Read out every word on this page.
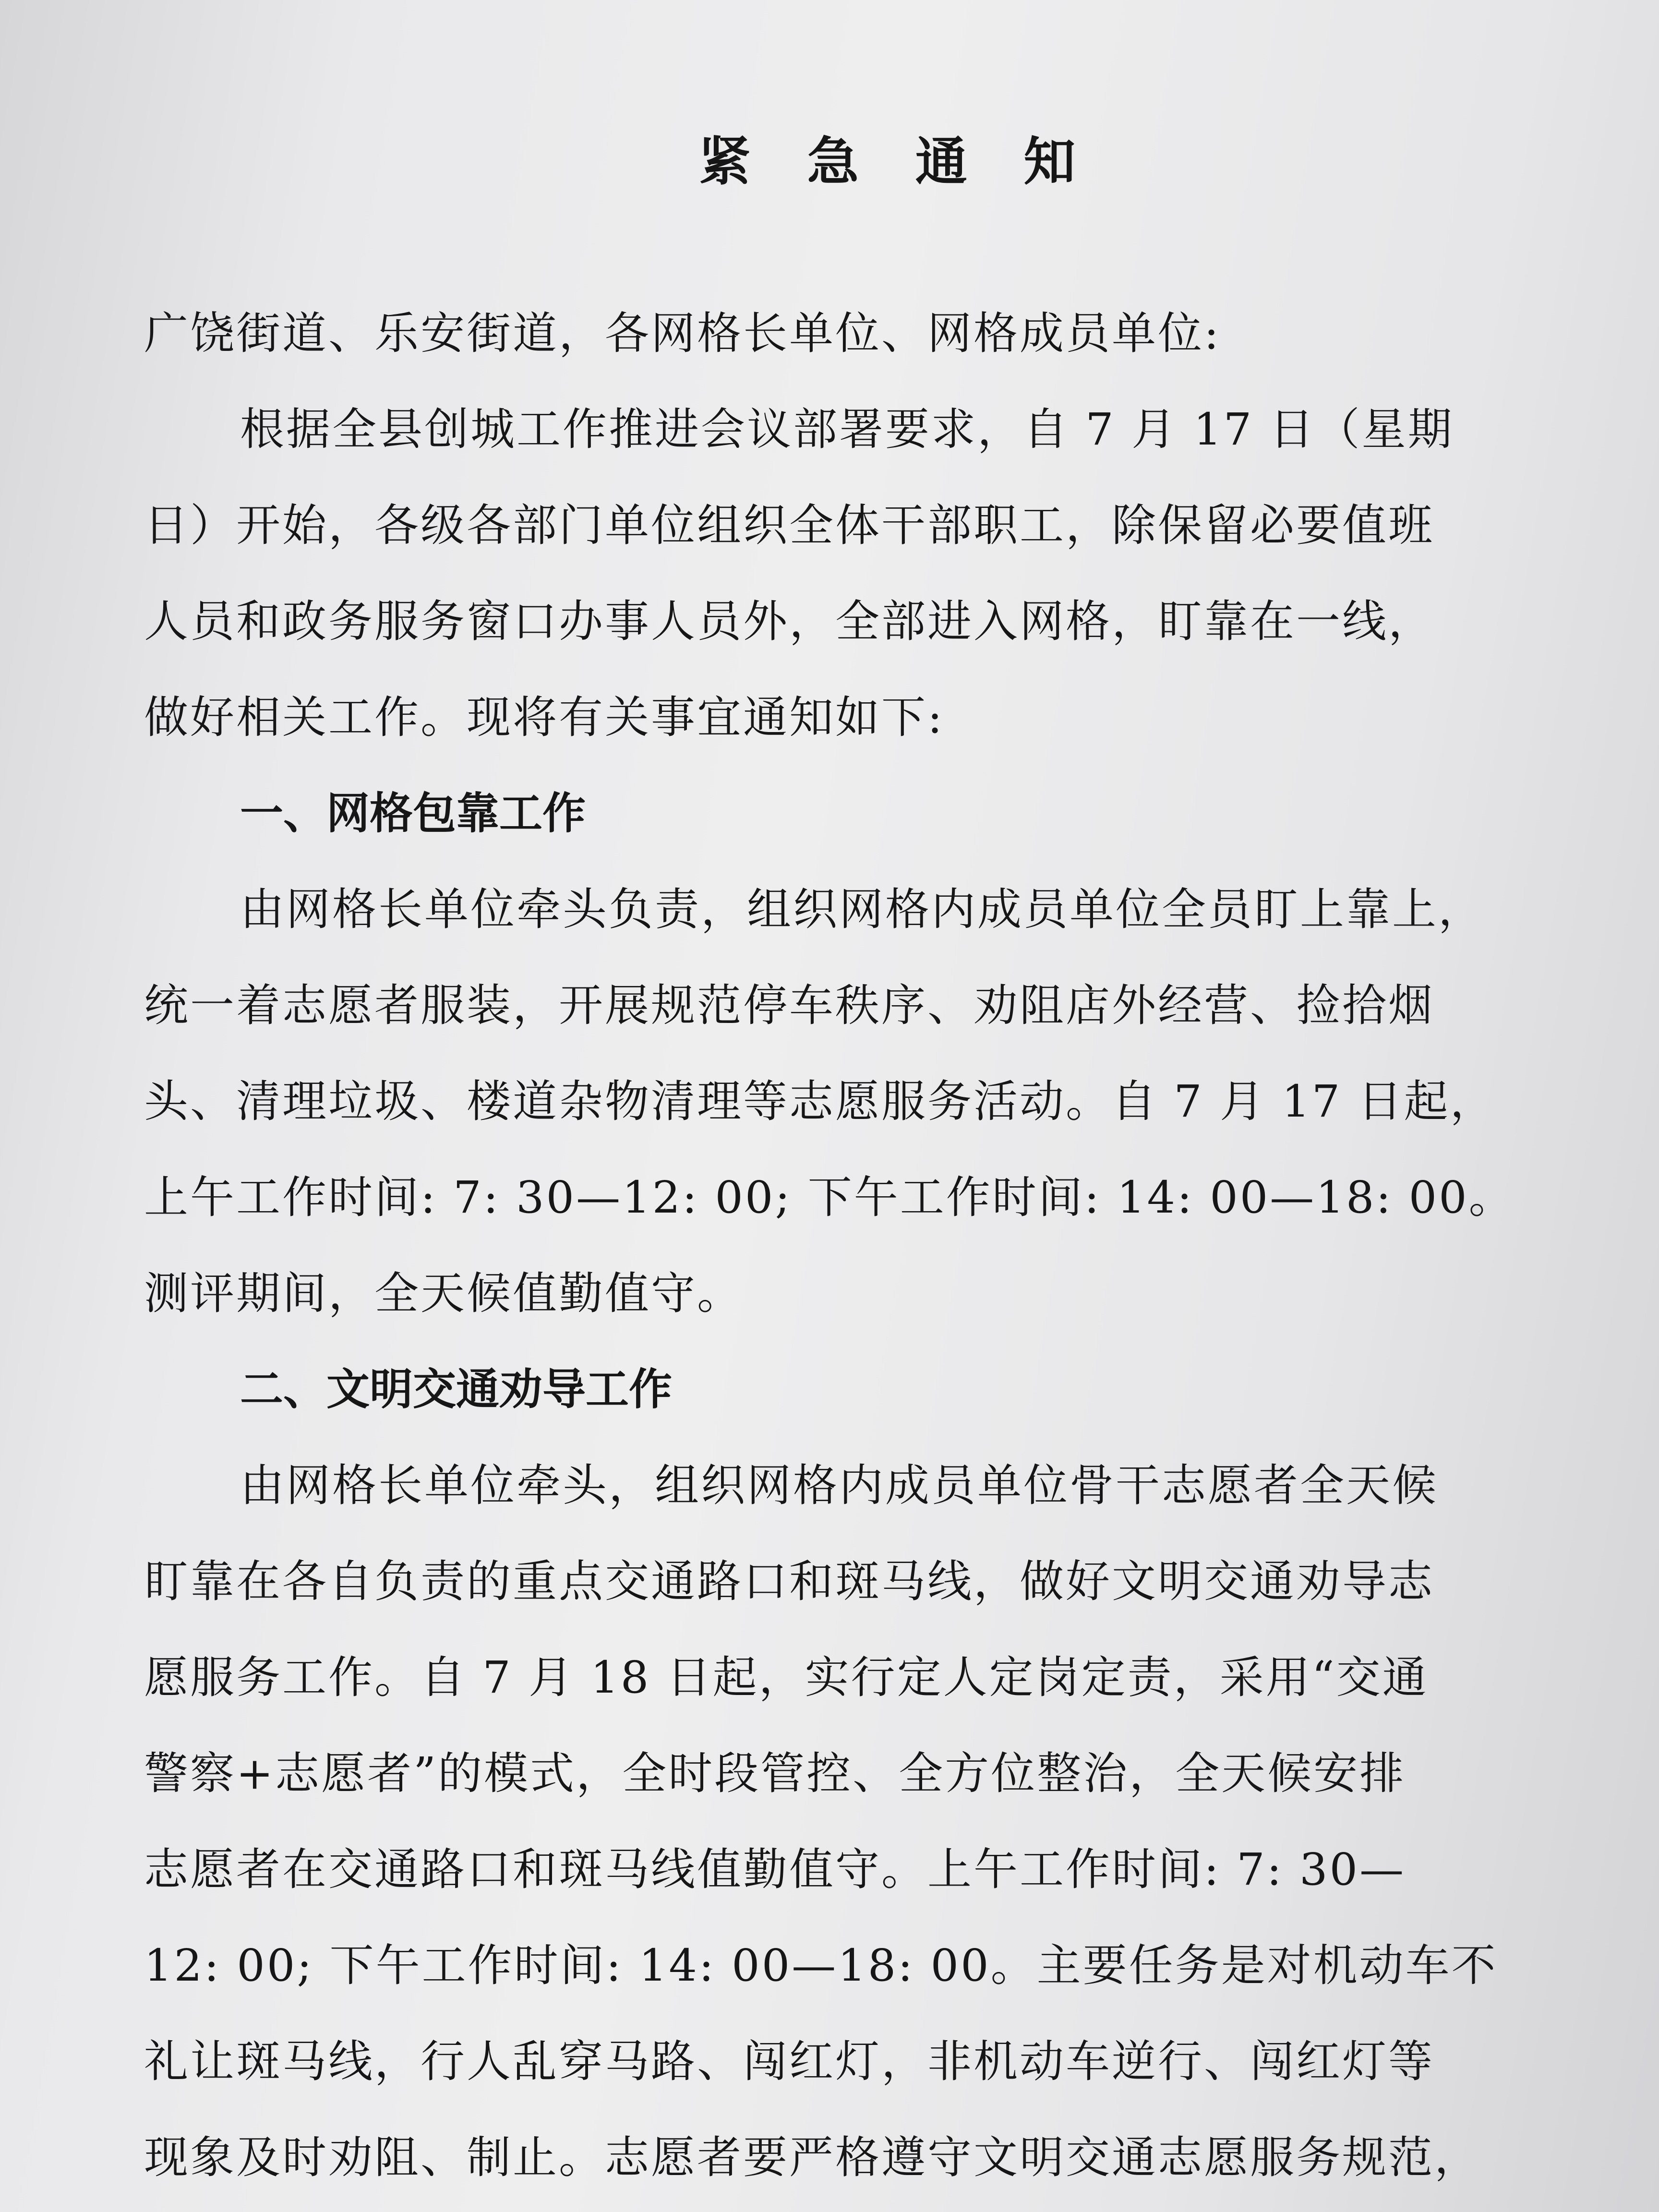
紧 急 通 知
广饶街道、乐安街道，各网格长单位、网格成员单位:
根据全县创城工作推进会议部署要求，自 7 月 17 日（星期
日）开始，各级各部门单位组织全体干部职工，除保留必要值班
人员和政务服务窗口办事人员外，全部进入网格，盯靠在一线，
做好相关工作。现将有关事宜通知如下:
一、网格包靠工作
由网格长单位牵头负责，组织网格内成员单位全员盯上靠上，
统一着志愿者服装，开展规范停车秩序、劝阻店外经营、捡拾烟
头、清理垃圾、楼道杂物清理等志愿服务活动。自 7 月 17 日起，
上午工作时间: 7: 30—12: 00; 下午工作时间: 14: 00—18: 00。
测评期间，全天候值勤值守。
二、文明交通劝导工作
由网格长单位牵头，组织网格内成员单位骨干志愿者全天候
盯靠在各自负责的重点交通路口和斑马线，做好文明交通劝导志
愿服务工作。自 7 月 18 日起，实行定人定岗定责，采用“交通
警察+志愿者”的模式，全时段管控、全方位整治，全天候安排
志愿者在交通路口和斑马线值勤值守。上午工作时间: 7: 30—
12: 00; 下午工作时间: 14: 00—18: 00。主要任务是对机动车不
礼让斑马线，行人乱穿马路、闯红灯，非机动车逆行、闯红灯等
现象及时劝阻、制止。志愿者要严格遵守文明交通志愿服务规范，
